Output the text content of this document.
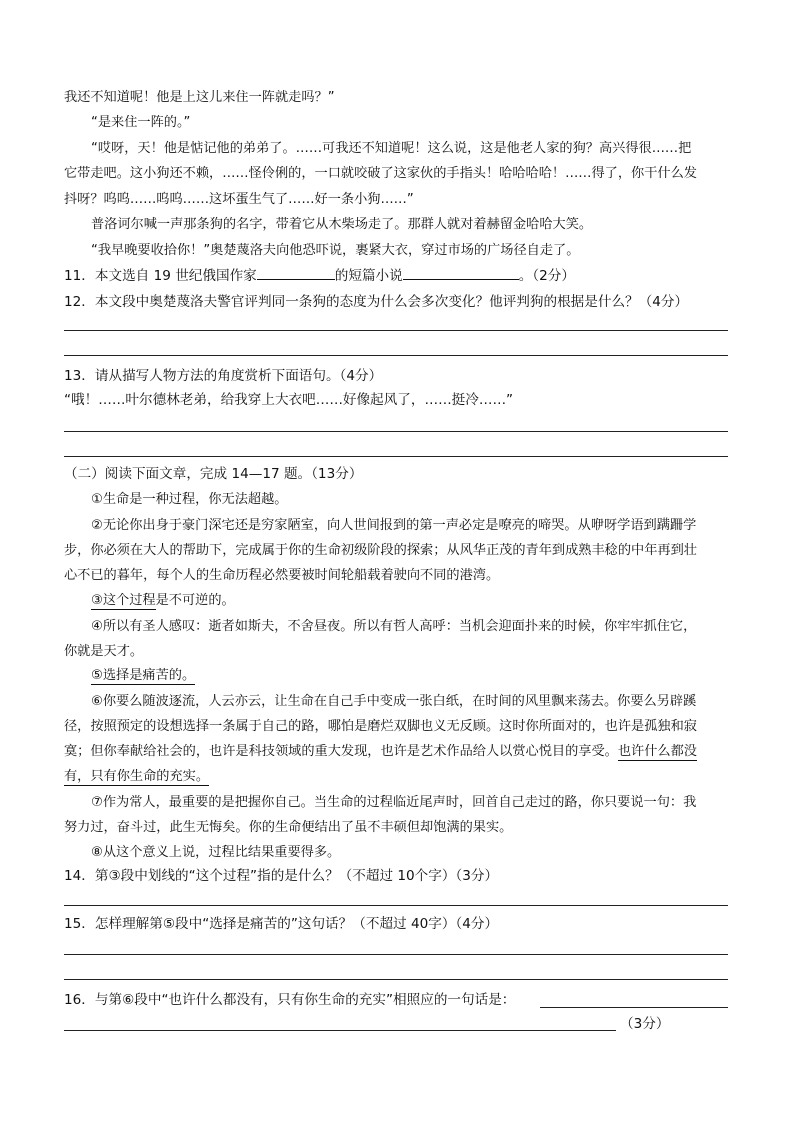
我还不知道呢！他是上这儿来住一阵就走吗？”
“是来住一阵的。”
“哎呀，天！他是惦记他的弟弟了。……可我还不知道呢！这么说，这是他老人家的狗？高兴得很……把
它带走吧。这小狗还不赖，……怪伶俐的，一口就咬破了这家伙的手指头！哈哈哈哈！……得了，你干什么发
抖呀？呜呜……呜呜……这坏蛋生气了……好一条小狗……”
普洛诃尔喊一声那条狗的名字，带着它从木柴场走了。那群人就对着赫留金哈哈大笑。
“我早晚要收拾你！”奥楚蔑洛夫向他恐吓说，裹紧大衣，穿过市场的广场径自走了。
11．本文选自 19 世纪俄国作家	的短篇小说	。（2分）
12．本文段中奥楚蔑洛夫警官评判同一条狗的态度为什么会多次变化？他评判狗的根据是什么？（4分）
13．请从描写人物方法的角度赏析下面语句。（4分）
“哦！……叶尔德林老弟，给我穿上大衣吧……好像起风了，……挺冷……”
（二）阅读下面文章，完成 14—17 题。（13分）
①生命是一种过程，你无法超越。
②无论你出身于豪门深宅还是穷家陋室，向人世间报到的第一声必定是嘹亮的啼哭。从咿呀学语到蹒跚学
步，你必须在大人的帮助下，完成属于你的生命初级阶段的探索；从风华正茂的青年到成熟丰稔的中年再到壮
心不已的暮年，每个人的生命历程必然要被时间轮船载着驶向不同的港湾。
③这个过程是不可逆的。
④所以有圣人感叹：逝者如斯夫，不舍昼夜。所以有哲人高呼：当机会迎面扑来的时候，你牢牢抓住它，
你就是天才。
⑤选择是痛苦的。
⑥你要么随波逐流，人云亦云，让生命在自己手中变成一张白纸，在时间的风里飘来荡去。你要么另辟蹊
径，按照预定的设想选择一条属于自己的路，哪怕是磨烂双脚也义无反顾。这时你所面对的，也许是孤独和寂
寞；但你奉献给社会的，也许是科技领域的重大发现，也许是艺术作品给人以赏心悦目的享受。也许什么都没
有，只有你生命的充实。
⑦作为常人，最重要的是把握你自己。当生命的过程临近尾声时，回首自己走过的路，你只要说一句：我
努力过，奋斗过，此生无悔矣。你的生命便结出了虽不丰硕但却饱满的果实。
⑧从这个意义上说，过程比结果重要得多。
14．第③段中划线的“这个过程”指的是什么？（不超过 10个字）（3分）
15．怎样理解第⑤段中“选择是痛苦的”这句话？（不超过 40字）（4分）
16．与第⑥段中“也许什么都没有，只有你生命的充实”相照应的一句话是：
（3分）
